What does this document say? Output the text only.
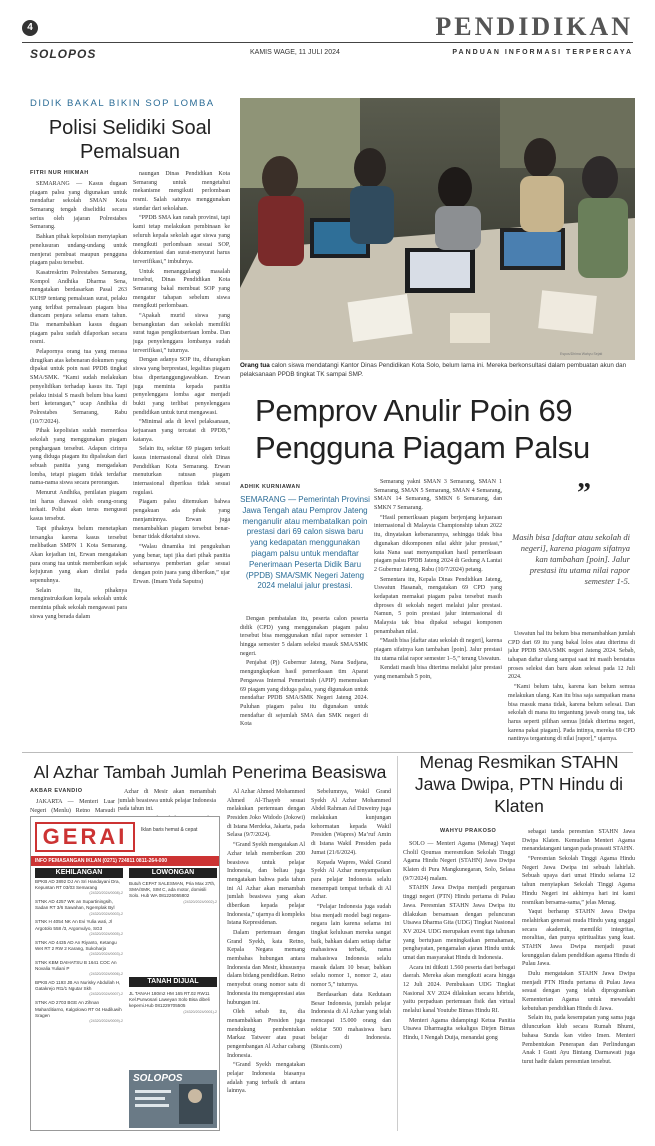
4	PENDIDIKAN
SOLOPOS	KAMIS WAGE, 11 JULI 2024	PANDUAN INFORMASI TERPERCAYA
DIDIK BAKAL BIKIN SOP LOMBA
Polisi Selidiki Soal Pemalsuan
FITRI NUR HIKMAH

SEMARANG — Kasus dugaan piagam palsu yang digunakan untuk mendaftar sekolah SMAN Kota Semarang tengah diselidiki secara serius oleh jajaran Polrestabes Semarang.

Bahkan pihak kepolisian menyiapkan penelusuran undang-undang untuk menjerat pembuat maupun pengguna piagam palsu tersebut.

Kasatreskrim Polrestabes Semarang, Kompol Andhika Dharma Sena, mengatakan berdasarkan Pasal 263 KUHP tentang pemalsuan surat, pelaku yang terlibat pemalsuan piagam bisa diancam penjara selama enam tahun. Dia menambahkan kasus dugaan piagam palsu sudah dilaporkan secara resmi.

Pelapornya orang tua yang merasa dirugikan atas kebenaran dokumen yang dipakai untuk poin nasi PPDB tingkat SMA/SMK. “Kami sudah melakukan penyelidikan terhadap kasus itu. Tapi pelaku inisial S masih belum bisa kami beri keterangan,” ucap Andhika di Polrestabes Semarang, Rabu (10/7/2024).

Pihak kepolisian sudah memeriksa sekolah yang menggunakan piagam penghargaan tersebut. Adapun cirinya yang diduga piagam itu dipalsukan dari sebuah panitia yang mengadakan lomba, tetapi piagam tidak terdaftar nama-nama siswa secara perorangan.

Menurut Andhika, penilaian piagam ini harus diawasi oleh orang-orang terkait. Polisi akan terus mengusut kasus tersebut.

Tapi pihaknya belum menetapkan tersangka karena kasus tersebut melibatkan SMPN 1 Kota Semarang. Akan kejadian ini, Erwan mengatakan para orang tua untuk memberikan sejak kejujuran yang akan dinilai pada sepenuhnya.

Selain itu, pihaknya menginstruksikan kepala sekolah untuk meminta pihak sekolah mengawasi para siswa yang berada dalam

naungan Dinas Pendidikan Kota Semarang untuk mengetahui mekanisme mengikuti perlombaan resmi. Salah satunya menggunakan standar dari sekolahan.

“PPDB SMA kan ranah provinsi, tapi kami tetap melakukan pembinaan ke seluruh kepala sekolah agar siswa yang mengikuti perlombaan sesuai SOP, dokumentasi dan surat-menyurat harus terverifikasi,” imbuhnya.

Untuk menanggulangi masalah tersebut, Dinas Pendidikan Kota Semarang bakal membuat SOP yang mengatur tahapan sebelum siswa mengikuti perlombaan.

“Apakah murid siswa yang bersangkutan dan sekolah memiliki surat tugas pengikutsertaan lomba. Dan juga penyelenggara lombanya sudah terverifikasi,” tuturnya.

Dengan adanya SOP itu, diharapkan siswa yang berprestasi, legalitas piagam bisa dipertanggungjawabkan. Erwan juga meminta kepada panitia penyelenggara lomba agar menjadi bukti yang terlibat penyelenggara pendidikan untuk turut mengawasi.

“Minimal ada di level pelaksanaan, kejuaraan yang tercatat di PPDB,” katanya.

Selain itu, sekitar 69 piagam terkait kasus internasional diurai oleh Dinas Pendidikan Kota Semarang. Erwan menuturkan ratusan piagam internasional diperiksa tidak sesuai regulasi.

Piagam palsu ditemukan bahwa pengakuan ada pihak yang menjaminnya. Erwan juga menambahkan piagam tersebut benar-benar tidak diketahui siswa.

“Walau dinamika ini pengukuhan yang benar, tapi jika dari pihak panitia seharusnya pemberian gelar sesuai dengan poin juara yang diberikan,” ujar Erwan. (Imam Yuda Saputra)

Espos/Dhima Wahyu Sejati
Orang tua calon siswa mendatangi Kantor Dinas Pendidikan Kota Solo, belum lama ini. Mereka berkonsultasi dalam pembuatan akun dan pelaksanaan PPDB tingkat TK sampai SMP.
Pemprov Anulir Poin 69 Pengguna Piagam Palsu
ADHIK KURNIAWAN
SEMARANG — Pemerintah Provinsi Jawa Tengah atau Pemprov Jateng menganulir atau membatalkan poin prestasi dari 69 calon siswa baru yang kedapatan menggunakan piagam palsu untuk mendaftar Penerimaan Peserta Didik Baru (PPDB) SMA/SMK Negeri Jateng 2024 melalui jalur prestasi.

Dengan pembatalan itu, peserta calon peserta didik (CPD) yang menggunakan piagam palsu tersebut bisa menggunakan nilai rapor semester 1 hingga semester 5 dalam seleksi masuk SMA/SMK negeri.

Penjabat (Pj) Gubernur Jateng, Nana Sudjana, mengungkapkan hasil pemeriksaan tim Aparat Pengawas Internal Pemerintah (APIP) menemukan 69 piagam yang diduga palsu, yang digunakan untuk mendaftar PPDB SMA/SMK Negeri Jateng 2024. Puluhan piagam palsu itu digunakan untuk mendaftar di sejumlah SMA dan SMK negeri di Kota

Semarang yakni SMAN 3 Semarang, SMAN 1 Semarang, SMAN 5 Semarang, SMAN 4 Semarang, SMAN 14 Semarang, SMKN 6 Semarang, dan SMKN 7 Semarang.

“Hasil pemeriksaan piagam berjenjang kejuaraan internasional di Malaysia Championship tahun 2022 itu, dinyatakan kebenarannya, sehingga tidak bisa digunakan dikomponen nilai akhir jalur prestasi,” kata Nana saat menyampaikan hasil pemeriksaan piagam palsu PPDB Jateng 2024 di Gedung A Lantai 2 Gubernur Jateng, Rabu (10/7/2024) petang.

Sementara itu, Kepala Dinas Pendidikan Jateng, Uswatun Hasanah, mengatakan 69 CPD yang kedapatan memakai piagam palsu tersebut masih diproses di sekolah negeri melalui jalur prestasi. Namun, 5 poin prestasi jalur internasional di Malaysia tak bisa dipakai sebagai komponen penambahan nilai.

“Masih bisa [daftar atau sekolah di negeri], karena piagam sifatnya kan tambahan [poin]. Jalur prestasi itu utama nilai rapor semester 1–5,” terang Uswatun.

Kendati masih bisa diterima melalui jalur prestasi yang menambah 5 poin,

”
Masih bisa [daftar atau sekolah di negeri], karena piagam sifatnya kan tambahan [poin]. Jalur prestasi itu utama nilai rapor semester 1-5.

Uswatun hal itu belum bisa menambahkan jumlah CPD dari 69 itu yang bakal lolos atau diterima di jalur PPDB SMA/SMK negeri Jateng 2024. Sebab, tahapan daftar ulang sampai saat ini masih berstatus proses seleksi dan baru akan selesai pada 12 Juli 2024.

“Kami belum tahu, karena kan belum semua melakukan ulang. Kan itu bisa saja sampaikan mana bisa masuk mana tidak, karena belum selesai. Dan sekolah di mana itu tergantung jawab orang tua, tak harus seperti pilihan semua [tidak diterima negeri, karena pakai piagam]. Pada intinya, mereka 69 CPD nantinya tergantung di nilai [rapor],” ujarnya.

Al Azhar Tambah Jumlah Penerima Beasiswa
AKBAR EVANDIO

JAKARTA — Menteri Luar Negeri (Menlu) Retno Marsudi

Azhar di Mesir akan menambah jumlah beasiswa untuk pelajar Indonesia pada tahun ini.

Al Azhar Ahmed Mohammed Ahmed Al-Thayeb sesuai melakukan pertemuan dengan Presiden Joko Widodo (Jokowi) di Istana Merdeka, Jakarta, pada Selasa (9/7/2024).

“Grand Syekh mengatakan Al Azhar telah memberikan 200 beasiswa untuk pelajar Indonesia, dan beliau juga mengatakan bahwa pada tahun ini Al Azhar akan menambah jumlah beasiswa yang akan diberikan kepada pelajar Indonesia,” ujarnya di kompleks Istana Kepresidenan.

Dalam pertemuan dengan Grand Syekh, kata Retno, Kepala Negara memang membahas hubungan antara Indonesia dan Mesir, khususnya dalam bidang pendidikan. Retno menyebut orang nomor satu di Indonesia itu mengapresiasi atas hubungan ini.

Oleh sebab itu, dia menambahkan Presiden juga mendukung pembentukan Markaz Tatweer atau pusat pengembangan Al Azhar cabang Indonesia.

“Grand Syekh mengatakan pelajar Indonesia biasanya adalah yang terbaik di antara lainnya.

Sebelumnya, Wakil Grand Syekh Al Azhar Mohammed Abdel Rahman Ad Duweiny juga melakukan kunjungan kehormatan kepada Wakil Presiden (Wapres) Ma’ruf Amin di Istana Wakil Presiden pada Jumat (21/6/2024).

Kepada Wapres, Wakil Grand Syekh Al Azhar menyampaikan para pelajar Indonesia selalu menempati tempat terbaik di Al Azhar.

“Pelajar Indonesia juga sudah bisa menjadi model bagi negara-negara lain karena selama ini tingkat kelulusan mereka sangat baik, bahkan dalam setiap daftar mahasiswa terbaik, nama mahasiswa Indonesia selalu masuk dalam 10 besar, bahkan selalu nomor 1, nomor 2, atau nomor 5,” tuturnya.

Berdasarkan data Kedutaan Besar Indonesia, jumlah pelajar Indonesia di Al Azhar yang telah mencapai 15.000 orang dan sekitar 500 mahasiswa baru belajar di Indonesia. (Bisnis.com)

GERAI	Iklan baris hemat & cepat
INFO PEMASANGAN IKLAN (0271) 724811 0811-264-000
KEHILANGAN
BPKB AD 3892 DJ An Sri Handayani Dra, Kepuntan RT 03/03 Semarang
(24320/2024/0008)-2
STNK AD 4257 WK an Supartiningsih, Sadan RT 3/6 Sawahan, Ngemplak Byl
(24320/2024/0003)-2
STNK H 4054 NK An Evi Yulia wati, Jl Argotolo 558 /3, Argomulyo, SG3
(24320/2024/0005)-2
STNK AD 4435 AD An Riyanto, Ketangu Wet RT 2 RW 2 Karang, Sukoharjo
(24320/2024/0003)-2
STNK KBM DAIHATSU B 1641 COC An Novalia Yuliani P
(24320/2024/0006)-2
BPKB AD 1193 JB An Nurisky Abdullah H, Gatakrejo Rt1/1 Ngutar Skh
(24320/2024/0007)-2
STNK AD 2703 BGE An Zihnan Maharditiarno, Kalgolowo RT 04 Hadiluwih Sragen
(24320/2024/0009)-2
LOWONGAN
Butuh CEPAT SALESMAN, Pria Max 27th, SMA/SMK, SIM C, ada motor, domisili Solo. Hub WA 081226055802
(24320/2024/0002)-2
TANAH DIJUAL
JL TANAH 180m2 HM 165 RT.02 RW11 Kel.Purwosari Laweyan Solo Bisa dibeli kepemi.Hub 081229705505
(24320/2024/0001)-2
SOLOPOS
Menag Resmikan STAHN Jawa Dwipa, PTN Hindu di Klaten
WAHYU PRAKOSO

SOLO — Menteri Agama (Menag) Yaqut Cholil Qoumas meresmikan Sekolah Tinggi Agama Hindu Negeri (STAHN) Jawa Dwipa Klaten di Pura Mangkunegaran, Solo, Selasa (9/7/2024) malam.

STAHN Jawa Dwipa menjadi perguruan tinggi negeri (PTN) Hindu pertama di Pulau Jawa. Peresmian STAHN Jawa Dwipa itu dilakukan bersamaan dengan peluncuran Utsawa Dharma Gita (UDG) Tingkat Nasional XV 2024. UDG merupakan event tiga tahunan yang bertujuan meningkatkan pemahaman, penghayatan, pengamalan ajaran Hindu untuk umat dan masyarakat Hindu di Indonesia.

Acara ini diikuti 1.560 peserta dari berbagai daerah. Mereka akan mengikuti acara hingga 12 Juli 2024. Pembukaan UDG Tingkat Nasional XV 2024 dilakukan secara hibrida, yaitu perpaduan pertemuan fisik dan virtual melalui kanal Youtube Bimas Hindu RI.

Menteri Agama didampingi Ketua Panitia Utsawa Dharmagita sekaligus Dirjen Bimas Hindu, I Nengah Duija, menandai gong

sebagai tanda peresmian STAHN Jawa Dwipa Klaten. Kemudian Menteri Agama menandatangani tangan pada prasasti STAHN.

“Peresmian Sekolah Tinggi Agama Hindu Negeri Jawa Dwipa ini sebuah lahirlah. Sebuah upaya dari umat Hindu selama 12 tahun menyiapkan Sekolah Tinggi Agama Hindu Negeri ini akhirnya hari ini kami resmikan bersama-sama,” jelas Menag.

Yaqut berharap STAHN Jawa Dwipa melahirkan generasi muda Hindu yang unggul secara akademik, memiliki integritas, moralitas, dan punya spiritualitas yang kuat. STAHN Jawa Dwipa menjadi pusat keunggulan dalam pendidikan agama Hindu di Pulau Jawa.

Dulu mengatakan STAHN Jawa Dwipa menjadi PTN Hindu pertama di Pulau Jawa sesuai dengan yang telah diprogramkan Kementerian Agama untuk mewadahi kebutuhan pendidikan Hindu di Jawa.

Selain itu, pada kesempatan yang sama juga diluncurkan klub secara Rumah Bhumi, bahasa Sunda kan video Imen. Menteri Pembentukan Penerapan dan Perlindungan Anak I Gusti Ayu Bintang Darmawati juga turut hadir dalam peresmian tersebut.
